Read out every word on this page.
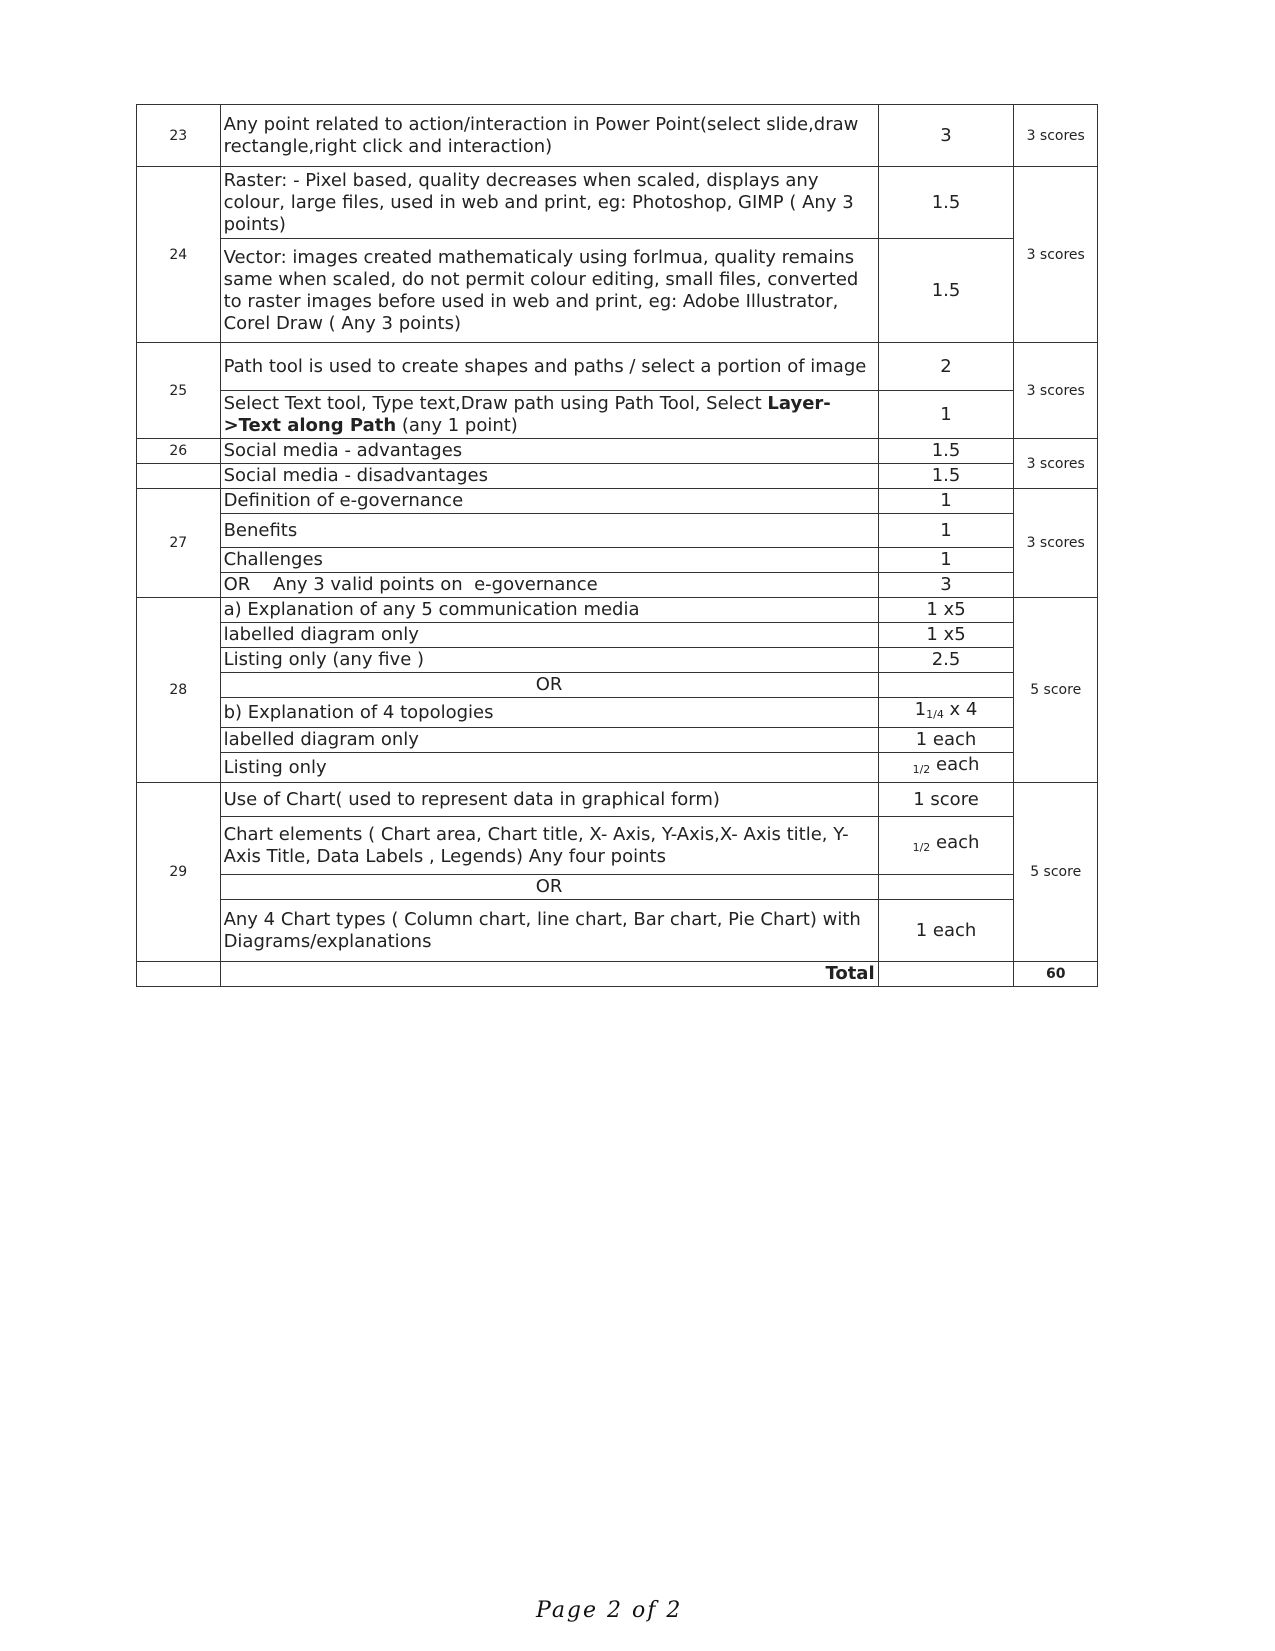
23	Any point related to action/interaction in Power Point(select slide,draw rectangle,right click and interaction)	3	3 scores
24	Raster: - Pixel based, quality decreases when scaled, displays any colour, large files, used in web and print, eg: Photoshop, GIMP ( Any 3 points)	1.5	3 scores
	Vector: images created mathematicaly using forlmua, quality remains same when scaled, do not permit colour editing, small files, converted to raster images before used in web and print, eg: Adobe Illustrator, Corel Draw ( Any 3 points)	1.5	
25	Path tool is used to create shapes and paths / select a portion of image	2	3 scores
	Select Text tool, Type text,Draw path using Path Tool, Select Layer->Text along Path (any 1 point)	1	
26	Social media - advantages	1.5	3 scores
	Social media - disadvantages	1.5	
27	Definition of e-governance	1	3 scores
	Benefits	1	
	Challenges	1	
	OR    Any 3 valid points on  e-governance	3	
28	a) Explanation of any 5 communication media	1 x5	5 score
	labelled diagram only	1 x5	
	Listing only (any five )	2.5	
	OR		
	b) Explanation of 4 topologies	$1_{1/4}$ x 4	
	labelled diagram only	1 each	
	Listing only	$_{1/2}$ each	
29	Use of Chart( used to represent data in graphical form)	1 score	5 score
	Chart elements ( Chart area, Chart title, X- Axis, Y-Axis,X- Axis title, Y-Axis Title, Data Labels , Legends) Any four points	$_{1/2}$ each	
	OR		
	Any 4 Chart types ( Column chart, line chart, Bar chart, Pie Chart) with Diagrams/explanations	1 each	
	Total		60
Page 2 of 2
